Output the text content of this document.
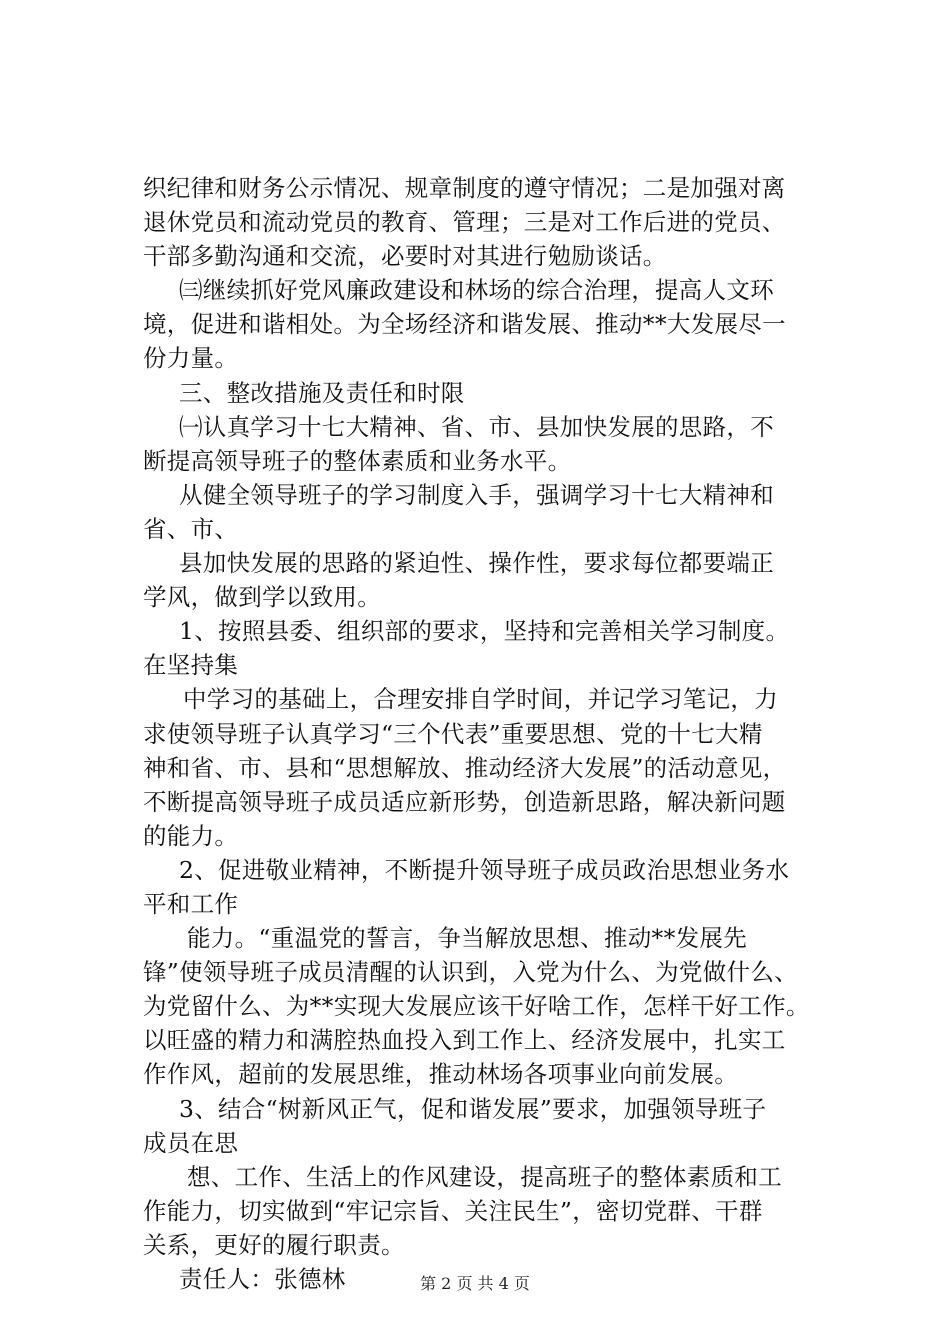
织纪律和财务公示情况、规章制度的遵守情况；二是加强对离
退休党员和流动党员的教育、管理；三是对工作后进的党员、
干部多勤沟通和交流，必要时对其进行勉励谈话。
㈢继续抓好党风廉政建设和林场的综合治理，提高人文环
境，促进和谐相处。为全场经济和谐发展、推动**大发展尽一
份力量。
三、整改措施及责任和时限
㈠认真学习十七大精神、省、市、县加快发展的思路，不
断提高领导班子的整体素质和业务水平。
从健全领导班子的学习制度入手，强调学习十七大精神和
省、市、
县加快发展的思路的紧迫性、操作性，要求每位都要端正
学风，做到学以致用。
1、按照县委、组织部的要求，坚持和完善相关学习制度。
在坚持集
中学习的基础上，合理安排自学时间，并记学习笔记，力
求使领导班子认真学习“三个代表”重要思想、党的十七大精
神和省、市、县和“思想解放、推动经济大发展”的活动意见，
不断提高领导班子成员适应新形势，创造新思路，解决新问题
的能力。
2、促进敬业精神，不断提升领导班子成员政治思想业务水
平和工作
能力。“重温党的誓言，争当解放思想、推动**发展先
锋”使领导班子成员清醒的认识到，入党为什么、为党做什么、
为党留什么、为**实现大发展应该干好啥工作，怎样干好工作。
以旺盛的精力和满腔热血投入到工作上、经济发展中，扎实工
作作风，超前的发展思维，推动林场各项事业向前发展。
3、结合“树新风正气，促和谐发展”要求，加强领导班子
成员在思
想、工作、生活上的作风建设，提高班子的整体素质和工
作能力，切实做到“牢记宗旨、关注民生”，密切党群、干群
关系，更好的履行职责。
责任人：张德林	第 2 页 共 4 页
